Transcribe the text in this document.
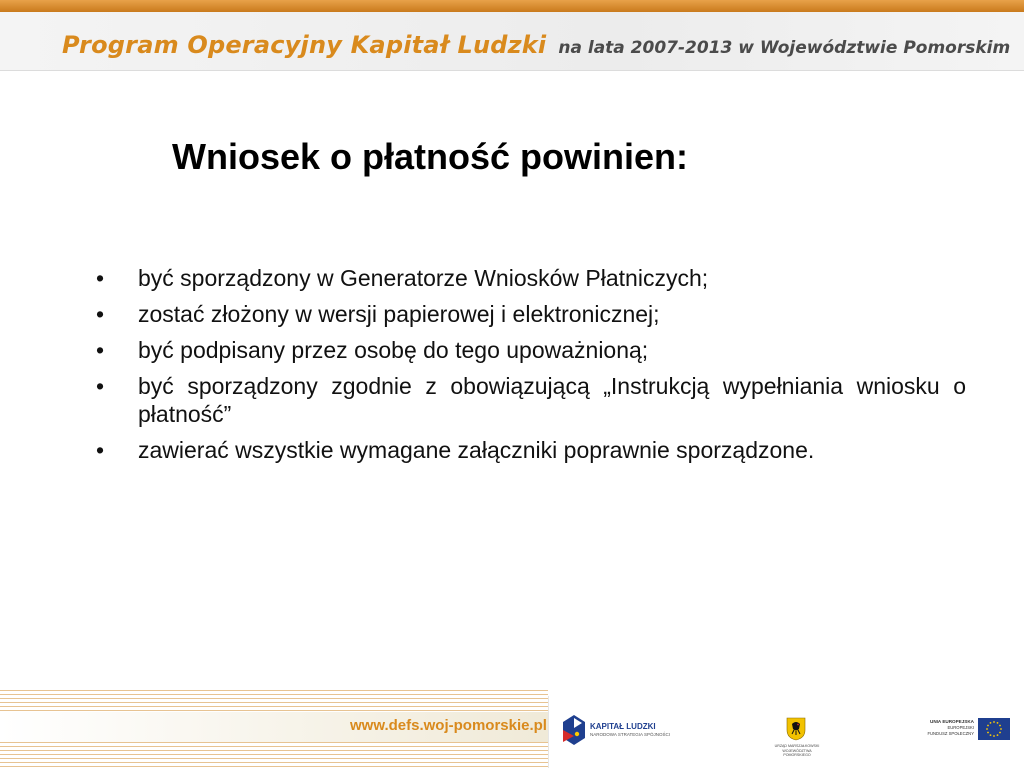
Program Operacyjny Kapitał Ludzki na lata 2007-2013 w Województwie Pomorskim
Wniosek o płatność powinien:
•	być sporządzony w Generatorze Wniosków Płatniczych;
•	zostać złożony w wersji papierowej i elektronicznej;
•	być podpisany przez osobę do tego upoważnioną;
•	być sporządzony zgodnie z obowiązującą „Instrukcją wypełniania wniosku o płatność”
•	zawierać wszystkie wymagane załączniki poprawnie sporządzone.
www.defs.woj-pomorskie.pl	KAPITAŁ LUDZKI
NARODOWA STRATEGIA SPÓJNOŚCI
URZĄD MARSZAŁKOWSKI WOJEWÓDZTWA POMORSKIEGO
UNIA EUROPEJSKA
EUROPEJSKI
FUNDUSZ SPOŁECZNY
